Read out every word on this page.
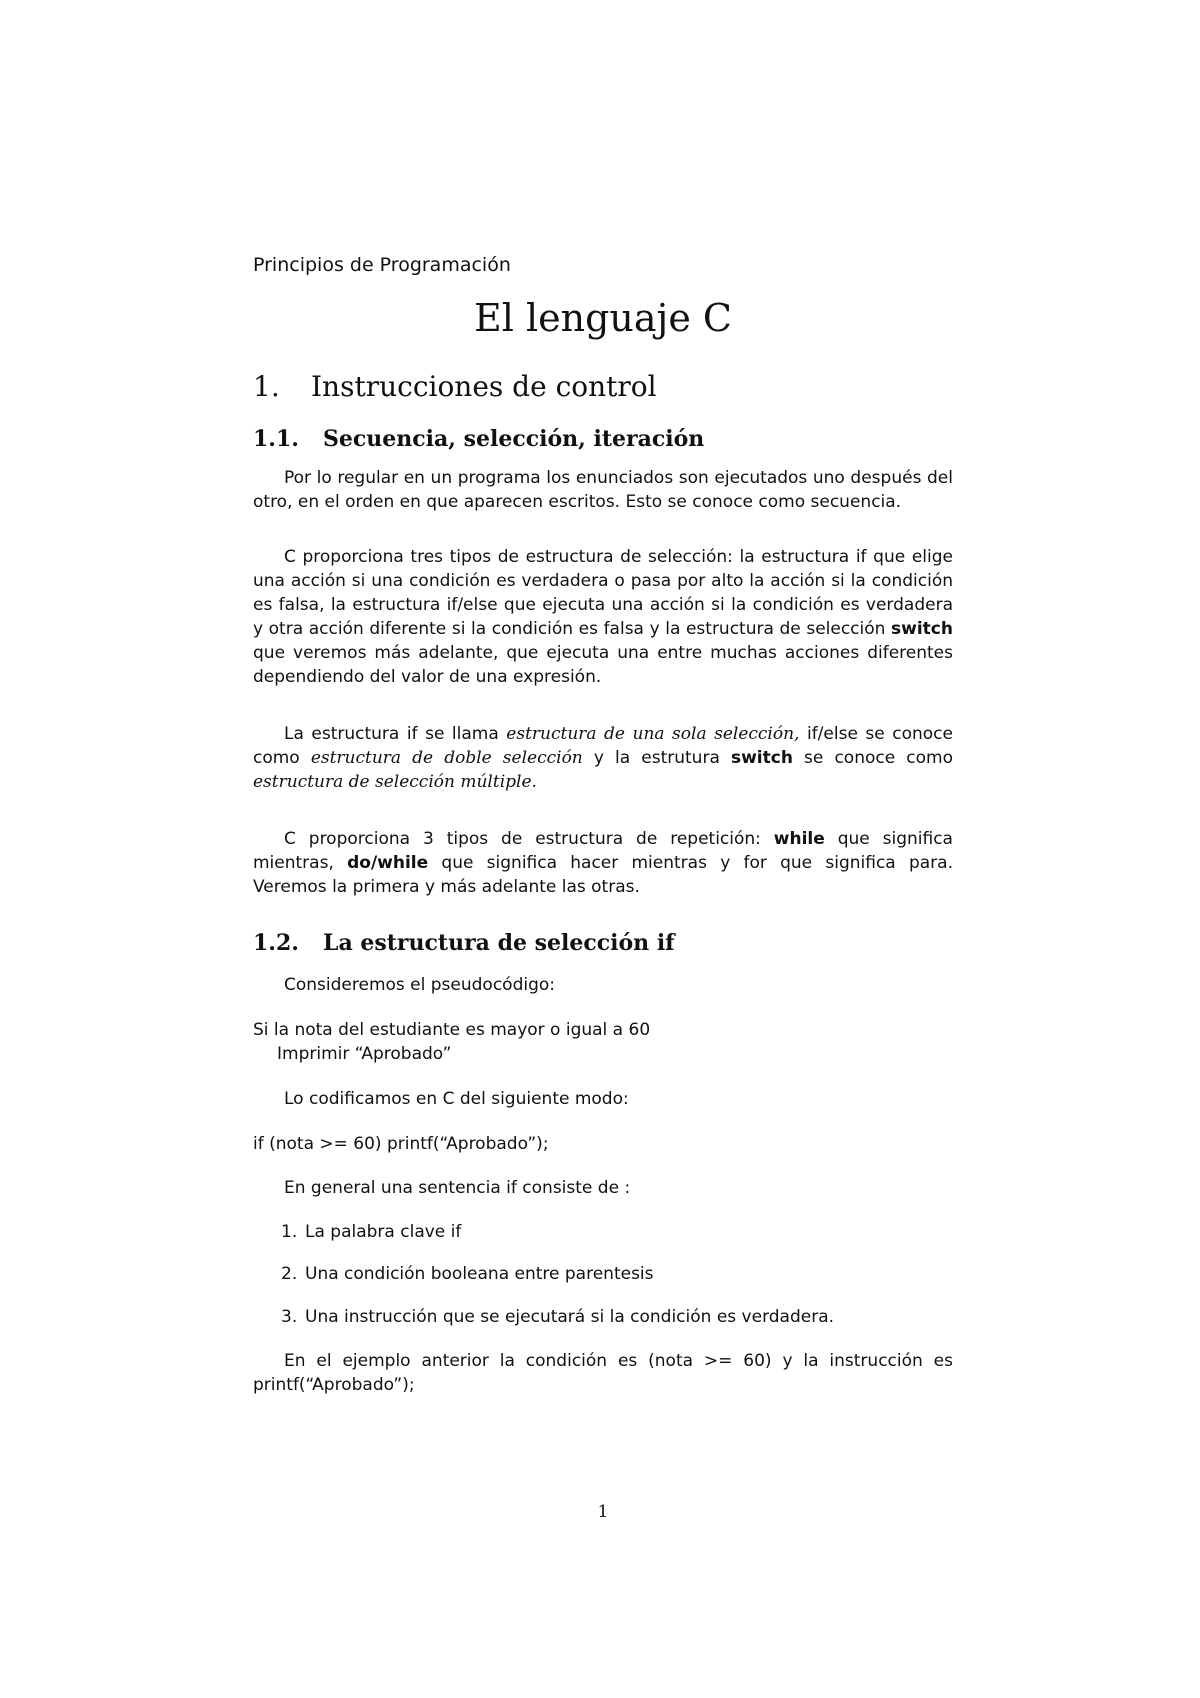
Principios de Programación
El lenguaje C
1. Instrucciones de control
1.1. Secuencia, selección, iteración

Por lo regular en un programa los enunciados son ejecutados uno después del otro, en el orden en que aparecen escritos. Esto se conoce como secuencia.

C proporciona tres tipos de estructura de selección: la estructura if que elige una acción si una condición es verdadera o pasa por alto la acción si la condición es falsa, la estructura if/else que ejecuta una acción si la condición es verdadera y otra acción diferente si la condición es falsa y la estructura de selección switch que veremos más adelante, que ejecuta una entre muchas acciones diferentes dependiendo del valor de una expresión.

La estructura if se llama estructura de una sola selección, if/else se conoce como estructura de doble selección y la estrutura switch se conoce como estructura de selección múltiple.

C proporciona 3 tipos de estructura de repetición: while que significa mientras, do/while que significa hacer mientras y for que significa para. Veremos la primera y más adelante las otras.

1.2. La estructura de selección if

Consideremos el pseudocódigo:

Si la nota del estudiante es mayor o igual a 60

Imprimir “Aprobado”

Lo codificamos en C del siguiente modo:

if (nota >= 60) printf(“Aprobado”);

En general una sentencia if consiste de :

1. La palabra clave if

2. Una condición booleana entre parentesis

3. Una instrucción que se ejecutará si la condición es verdadera.

En el ejemplo anterior la condición es (nota >= 60) y la instrucción es printf(“Aprobado”);

1
